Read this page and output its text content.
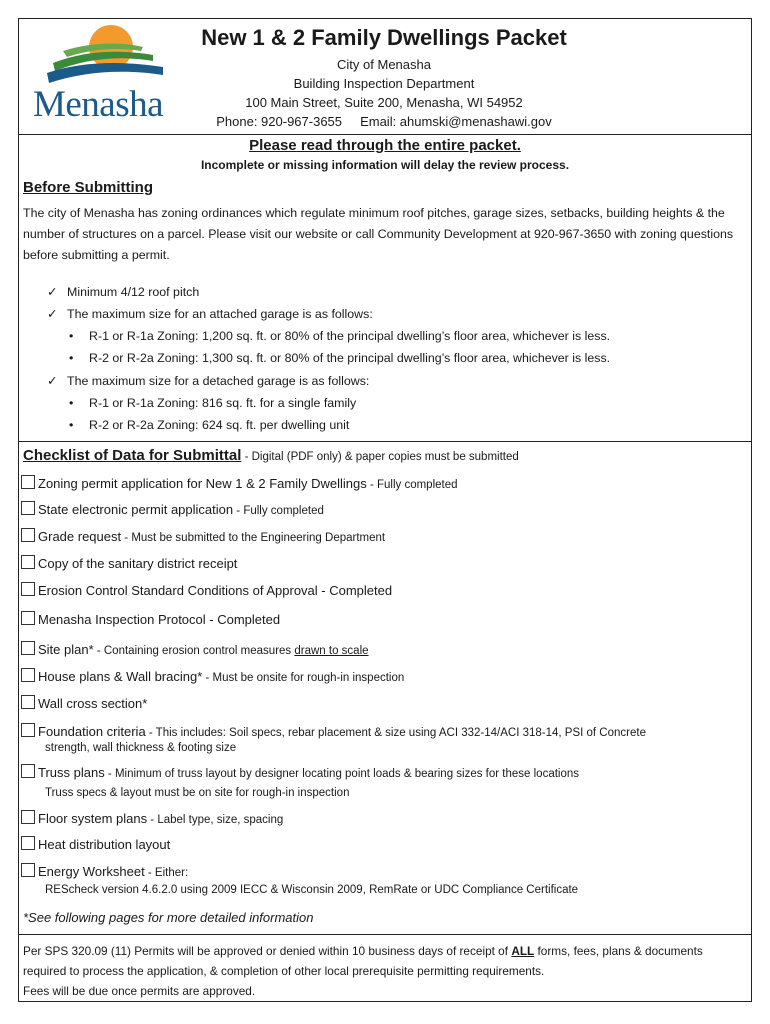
Menasha
New 1 & 2 Family Dwellings Packet
City of Menasha
Building Inspection Department
100 Main Street, Suite 200, Menasha, WI 54952
Phone: 920-967-3655 Email: ahumski@menashawi.gov
Please read through the entire packet.
Incomplete or missing information will delay the review process.
Before Submitting
The city of Menasha has zoning ordinances which regulate minimum roof pitches, garage sizes, setbacks, building heights & the number of structures on a parcel. Please visit our website or call Community Development at 920-967-3650 with zoning questions before submitting a permit.
✓ Minimum 4/12 roof pitch
✓ The maximum size for an attached garage is as follows:
• R-1 or R-1a Zoning: 1,200 sq. ft. or 80% of the principal dwelling’s floor area, whichever is less.
• R-2 or R-2a Zoning: 1,300 sq. ft. or 80% of the principal dwelling’s floor area, whichever is less.
✓ The maximum size for a detached garage is as follows:
• R-1 or R-1a Zoning: 816 sq. ft. for a single family
• R-2 or R-2a Zoning: 624 sq. ft. per dwelling unit
Checklist of Data for Submittal - Digital (PDF only) & paper copies must be submitted
Zoning permit application for New 1 & 2 Family Dwellings - Fully completed
State electronic permit application - Fully completed
Grade request - Must be submitted to the Engineering Department
Copy of the sanitary district receipt
Erosion Control Standard Conditions of Approval - Completed
Menasha Inspection Protocol - Completed
Site plan* - Containing erosion control measures drawn to scale
House plans & Wall bracing* - Must be onsite for rough-in inspection
Wall cross section*
Foundation criteria - This includes: Soil specs, rebar placement & size using ACI 332-14/ACI 318-14, PSI of Concrete
strength, wall thickness & footing size
Truss plans - Minimum of truss layout by designer locating point loads & bearing sizes for these locations
Truss specs & layout must be on site for rough-in inspection
Floor system plans - Label type, size, spacing
Heat distribution layout
Energy Worksheet - Either:
REScheck version 4.6.2.0 using 2009 IECC & Wisconsin 2009, RemRate or UDC Compliance Certificate
*See following pages for more detailed information
Per SPS 320.09 (11) Permits will be approved or denied within 10 business days of receipt of ALL forms, fees, plans & documents
required to process the application, & completion of other local prerequisite permitting requirements.
Fees will be due once permits are approved.
